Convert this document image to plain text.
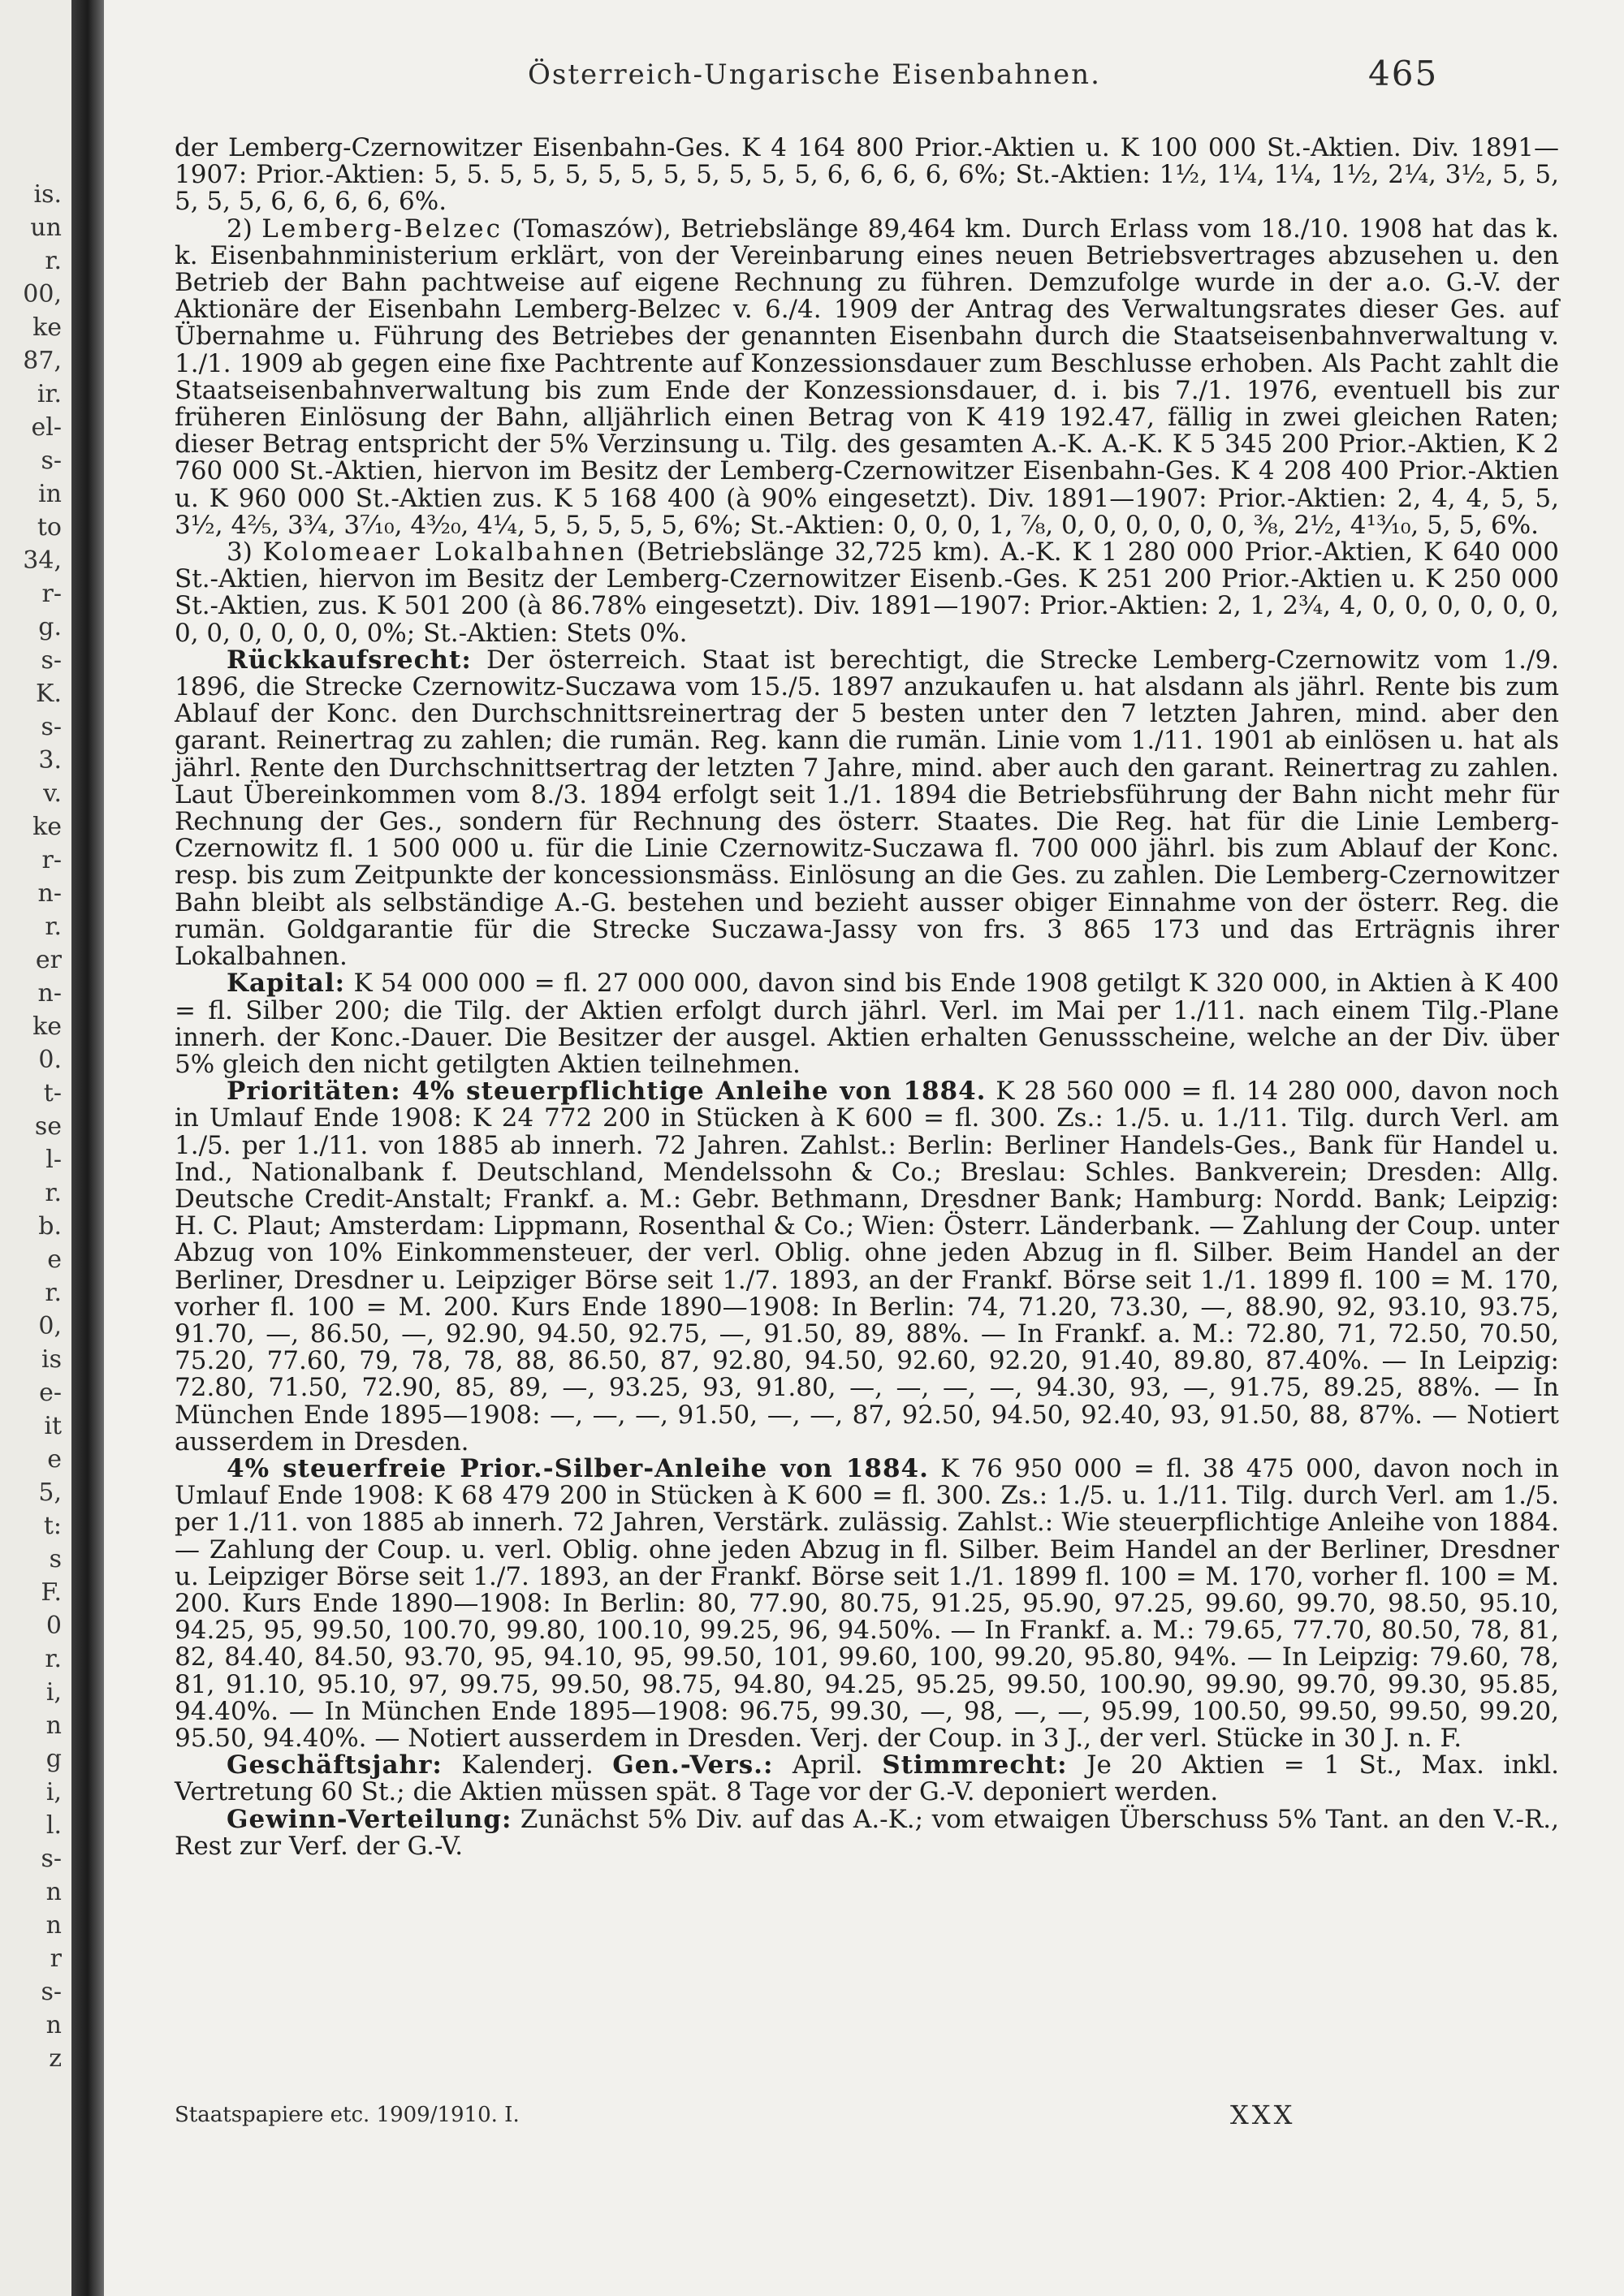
is.
un
r.
00,
ke
87,
ir.
el-
s-
in
to
34,
r-
g.
s-
K.
s-
3.
v.
ke
r-
n-
r.
er
n-
ke
0.
t-
se
l-
r.
b.
e
r.
0,
is
e-
it
e
5,
t:
s
F.
0
r.
i,
n
g
i,
l.
s-
n
n
r
s-
n
z
Österreich-Ungarische Eisenbahnen.	465

der Lemberg-Czernowitzer Eisenbahn-Ges. K 4 164 800 Prior.-Aktien u. K 100 000 St.-Aktien. Div. 1891—1907: Prior.-Aktien: 5, 5. 5, 5, 5, 5, 5, 5, 5, 5, 5, 5, 6, 6, 6, 6, 6%; St.-Aktien: 1½, 1¼, 1¼, 1½, 2¼, 3½, 5, 5, 5, 5, 5, 6, 6, 6, 6, 6%.

2) Lemberg-Belzec (Tomaszów), Betriebslänge 89,464 km. Durch Erlass vom 18./10. 1908 hat das k. k. Eisenbahnministerium erklärt, von der Vereinbarung eines neuen Betriebsvertrages abzusehen u. den Betrieb der Bahn pachtweise auf eigene Rechnung zu führen. Demzufolge wurde in der a.o. G.-V. der Aktionäre der Eisenbahn Lemberg-Belzec v. 6./4. 1909 der Antrag des Verwaltungsrates dieser Ges. auf Übernahme u. Führung des Betriebes der genannten Eisenbahn durch die Staatseisenbahnverwaltung v. 1./1. 1909 ab gegen eine fixe Pachtrente auf Konzessionsdauer zum Beschlusse erhoben. Als Pacht zahlt die Staatseisenbahnverwaltung bis zum Ende der Konzessionsdauer, d. i. bis 7./1. 1976, eventuell bis zur früheren Einlösung der Bahn, alljährlich einen Betrag von K 419 192.47, fällig in zwei gleichen Raten; dieser Betrag entspricht der 5% Verzinsung u. Tilg. des gesamten A.-K. A.-K. K 5 345 200 Prior.-Aktien, K 2 760 000 St.-Aktien, hiervon im Besitz der Lemberg-Czernowitzer Eisenbahn-Ges. K 4 208 400 Prior.-Aktien u. K 960 000 St.-Aktien zus. K 5 168 400 (à 90% eingesetzt). Div. 1891—1907: Prior.-Aktien: 2, 4, 4, 5, 5, 3½, 4⅖, 3¾, 3⁷⁄₁₀, 4³⁄₂₀, 4¼, 5, 5, 5, 5, 5, 6%; St.-Aktien: 0, 0, 0, 1, ⅞, 0, 0, 0, 0, 0, 0, ⅜, 2½, 4¹³⁄₁₀, 5, 5, 6%.

3) Kolomeaer Lokalbahnen (Betriebslänge 32,725 km). A.-K. K 1 280 000 Prior.-Aktien, K 640 000 St.-Aktien, hiervon im Besitz der Lemberg-Czernowitzer Eisenb.-Ges. K 251 200 Prior.-Aktien u. K 250 000 St.-Aktien, zus. K 501 200 (à 86.78% eingesetzt). Div. 1891—1907: Prior.-Aktien: 2, 1, 2¾, 4, 0, 0, 0, 0, 0, 0, 0, 0, 0, 0, 0, 0, 0%; St.-Aktien: Stets 0%.

Rückkaufsrecht: Der österreich. Staat ist berechtigt, die Strecke Lemberg-Czernowitz vom 1./9. 1896, die Strecke Czernowitz-Suczawa vom 15./5. 1897 anzukaufen u. hat alsdann als jährl. Rente bis zum Ablauf der Konc. den Durchschnittsreinertrag der 5 besten unter den 7 letzten Jahren, mind. aber den garant. Reinertrag zu zahlen; die rumän. Reg. kann die rumän. Linie vom 1./11. 1901 ab einlösen u. hat als jährl. Rente den Durchschnittsertrag der letzten 7 Jahre, mind. aber auch den garant. Reinertrag zu zahlen. Laut Übereinkommen vom 8./3. 1894 erfolgt seit 1./1. 1894 die Betriebsführung der Bahn nicht mehr für Rechnung der Ges., sondern für Rechnung des österr. Staates. Die Reg. hat für die Linie Lemberg-Czernowitz fl. 1 500 000 u. für die Linie Czernowitz-Suczawa fl. 700 000 jährl. bis zum Ablauf der Konc. resp. bis zum Zeitpunkte der koncessionsmäss. Einlösung an die Ges. zu zahlen. Die Lemberg-Czernowitzer Bahn bleibt als selbständige A.-G. bestehen und bezieht ausser obiger Einnahme von der österr. Reg. die rumän. Goldgarantie für die Strecke Suczawa-Jassy von frs. 3 865 173 und das Erträgnis ihrer Lokalbahnen.

Kapital: K 54 000 000 = fl. 27 000 000, davon sind bis Ende 1908 getilgt K 320 000, in Aktien à K 400 = fl. Silber 200; die Tilg. der Aktien erfolgt durch jährl. Verl. im Mai per 1./11. nach einem Tilg.-Plane innerh. der Konc.-Dauer. Die Besitzer der ausgel. Aktien erhalten Genussscheine, welche an der Div. über 5% gleich den nicht getilgten Aktien teilnehmen.

Prioritäten: 4% steuerpflichtige Anleihe von 1884. K 28 560 000 = fl. 14 280 000, davon noch in Umlauf Ende 1908: K 24 772 200 in Stücken à K 600 = fl. 300. Zs.: 1./5. u. 1./11. Tilg. durch Verl. am 1./5. per 1./11. von 1885 ab innerh. 72 Jahren. Zahlst.: Berlin: Berliner Handels-Ges., Bank für Handel u. Ind., Nationalbank f. Deutschland, Mendelssohn & Co.; Breslau: Schles. Bankverein; Dresden: Allg. Deutsche Credit-Anstalt; Frankf. a. M.: Gebr. Bethmann, Dresdner Bank; Hamburg: Nordd. Bank; Leipzig: H. C. Plaut; Amsterdam: Lippmann, Rosenthal & Co.; Wien: Österr. Länderbank. — Zahlung der Coup. unter Abzug von 10% Einkommensteuer, der verl. Oblig. ohne jeden Abzug in fl. Silber. Beim Handel an der Berliner, Dresdner u. Leipziger Börse seit 1./7. 1893, an der Frankf. Börse seit 1./1. 1899 fl. 100 = M. 170, vorher fl. 100 = M. 200. Kurs Ende 1890—1908: In Berlin: 74, 71.20, 73.30, —, 88.90, 92, 93.10, 93.75, 91.70, —, 86.50, —, 92.90, 94.50, 92.75, —, 91.50, 89, 88%. — In Frankf. a. M.: 72.80, 71, 72.50, 70.50, 75.20, 77.60, 79, 78, 78, 88, 86.50, 87, 92.80, 94.50, 92.60, 92.20, 91.40, 89.80, 87.40%. — In Leipzig: 72.80, 71.50, 72.90, 85, 89, —, 93.25, 93, 91.80, —, —, —, —, 94.30, 93, —, 91.75, 89.25, 88%. — In München Ende 1895—1908: —, —, —, 91.50, —, —, 87, 92.50, 94.50, 92.40, 93, 91.50, 88, 87%. — Notiert ausserdem in Dresden.

4% steuerfreie Prior.-Silber-Anleihe von 1884. K 76 950 000 = fl. 38 475 000, davon noch in Umlauf Ende 1908: K 68 479 200 in Stücken à K 600 = fl. 300. Zs.: 1./5. u. 1./11. Tilg. durch Verl. am 1./5. per 1./11. von 1885 ab innerh. 72 Jahren, Verstärk. zulässig. Zahlst.: Wie steuerpflichtige Anleihe von 1884. — Zahlung der Coup. u. verl. Oblig. ohne jeden Abzug in fl. Silber. Beim Handel an der Berliner, Dresdner u. Leipziger Börse seit 1./7. 1893, an der Frankf. Börse seit 1./1. 1899 fl. 100 = M. 170, vorher fl. 100 = M. 200. Kurs Ende 1890—1908: In Berlin: 80, 77.90, 80.75, 91.25, 95.90, 97.25, 99.60, 99.70, 98.50, 95.10, 94.25, 95, 99.50, 100.70, 99.80, 100.10, 99.25, 96, 94.50%. — In Frankf. a. M.: 79.65, 77.70, 80.50, 78, 81, 82, 84.40, 84.50, 93.70, 95, 94.10, 95, 99.50, 101, 99.60, 100, 99.20, 95.80, 94%. — In Leipzig: 79.60, 78, 81, 91.10, 95.10, 97, 99.75, 99.50, 98.75, 94.80, 94.25, 95.25, 99.50, 100.90, 99.90, 99.70, 99.30, 95.85, 94.40%. — In München Ende 1895—1908: 96.75, 99.30, —, 98, —, —, 95.99, 100.50, 99.50, 99.50, 99.20, 95.50, 94.40%. — Notiert ausserdem in Dresden. Verj. der Coup. in 3 J., der verl. Stücke in 30 J. n. F.

Geschäftsjahr: Kalenderj. Gen.-Vers.: April. Stimmrecht: Je 20 Aktien = 1 St., Max. inkl. Vertretung 60 St.; die Aktien müssen spät. 8 Tage vor der G.-V. deponiert werden.

Gewinn-Verteilung: Zunächst 5% Div. auf das A.-K.; vom etwaigen Überschuss 5% Tant. an den V.-R., Rest zur Verf. der G.-V.

Staatspapiere etc. 1909/1910. I.	XXX
